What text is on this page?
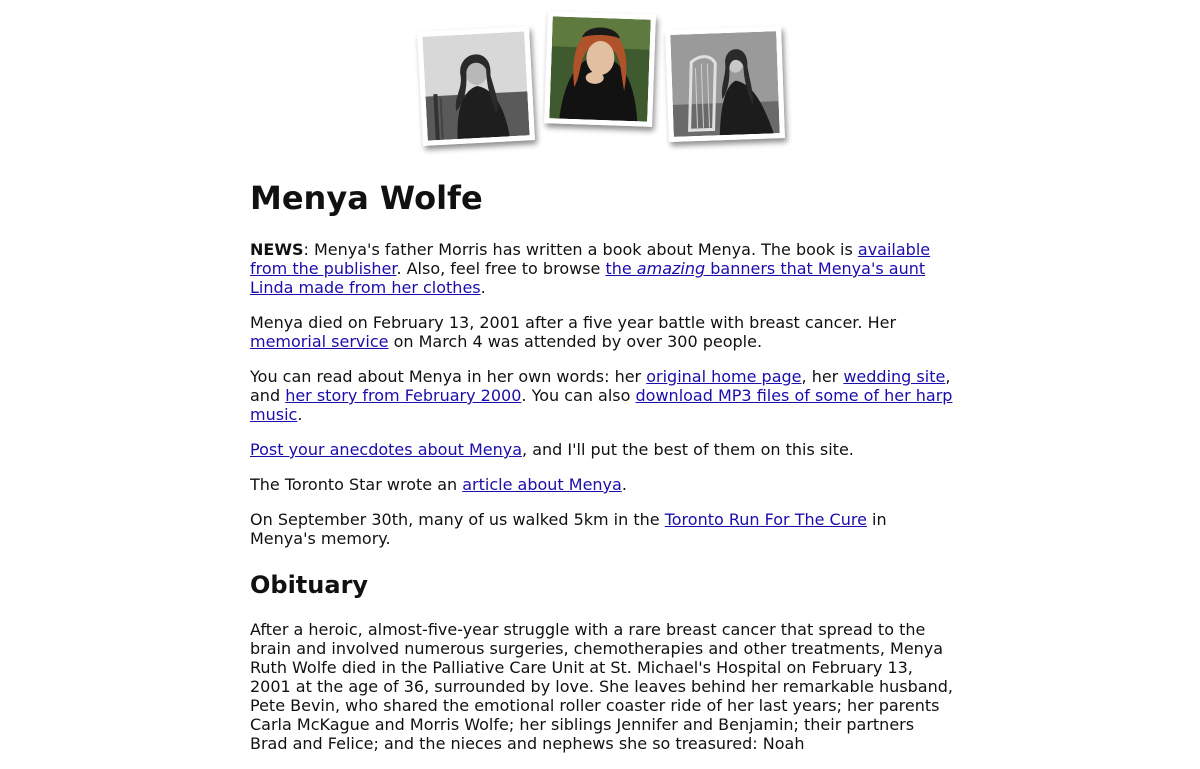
Menya Wolfe

NEWS: Menya's father Morris has written a book about Menya. The book is available from the publisher. Also, feel free to browse the amazing banners that Menya's aunt Linda made from her clothes.

Menya died on February 13, 2001 after a five year battle with breast cancer. Her memorial service on March 4 was attended by over 300 people.

You can read about Menya in her own words: her original home page, her wedding site, and her story from February 2000. You can also download MP3 files of some of her harp music.

Post your anecdotes about Menya, and I'll put the best of them on this site.

The Toronto Star wrote an article about Menya.

On September 30th, many of us walked 5km in the Toronto Run For The Cure in Menya's memory.

Obituary

After a heroic, almost-five-year struggle with a rare breast cancer that spread to the brain and involved numerous surgeries, chemotherapies and other treatments, Menya Ruth Wolfe died in the Palliative Care Unit at St. Michael's Hospital on February 13, 2001 at the age of 36, surrounded by love. She leaves behind her remarkable husband, Pete Bevin, who shared the emotional roller coaster ride of her last years; her parents Carla McKague and Morris Wolfe; her siblings Jennifer and Benjamin; their partners Brad and Felice; and the nieces and nephews she so treasured: Noah
